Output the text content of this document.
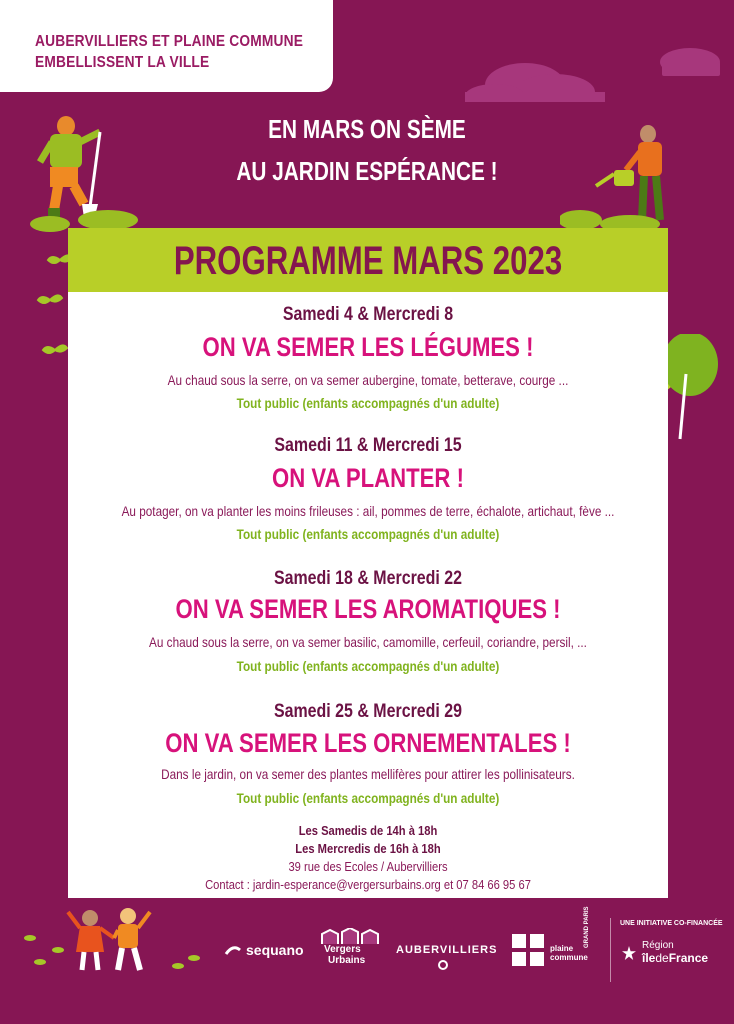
AUBERVILLIERS ET PLAINE COMMUNE
EMBELLISSENT LA VILLE
EN MARS ON SÈME
AU JARDIN ESPÉRANCE !
PROGRAMME MARS 2023
Samedi 4 & Mercredi 8
ON VA SEMER LES LÉGUMES !
Au chaud sous la serre, on va semer aubergine, tomate, betterave, courge ...
Tout public (enfants accompagnés d'un adulte)
Samedi 11 & Mercredi 15
ON VA PLANTER !
Au potager, on va planter les moins frileuses : ail, pommes de terre, échalote, artichaut, fève ...
Tout public (enfants accompagnés d'un adulte)
Samedi 18 & Mercredi 22
ON VA SEMER LES AROMATIQUES !
Au chaud sous la serre, on va semer basilic, camomille, cerfeuil, coriandre, persil, ...
Tout public (enfants accompagnés d'un adulte)
Samedi 25 & Mercredi 29
ON VA SEMER LES ORNEMENTALES !
Dans le jardin, on va semer des plantes mellifères pour attirer les pollinisateurs.
Tout public (enfants accompagnés d'un adulte)
Les Samedis de 14h à 18h
Les Mercredis de 16h à 18h
39 rue des Ecoles / Aubervilliers
Contact : jardin-esperance@vergersurbains.org et 07 84 66 95 67
sequano Vergers
Urbains
AUBERVILLIERS	plaine
commune
GRAND PARIS	UNE INITIATIVE CO-FINANCÉE
Région
îledeFrance
